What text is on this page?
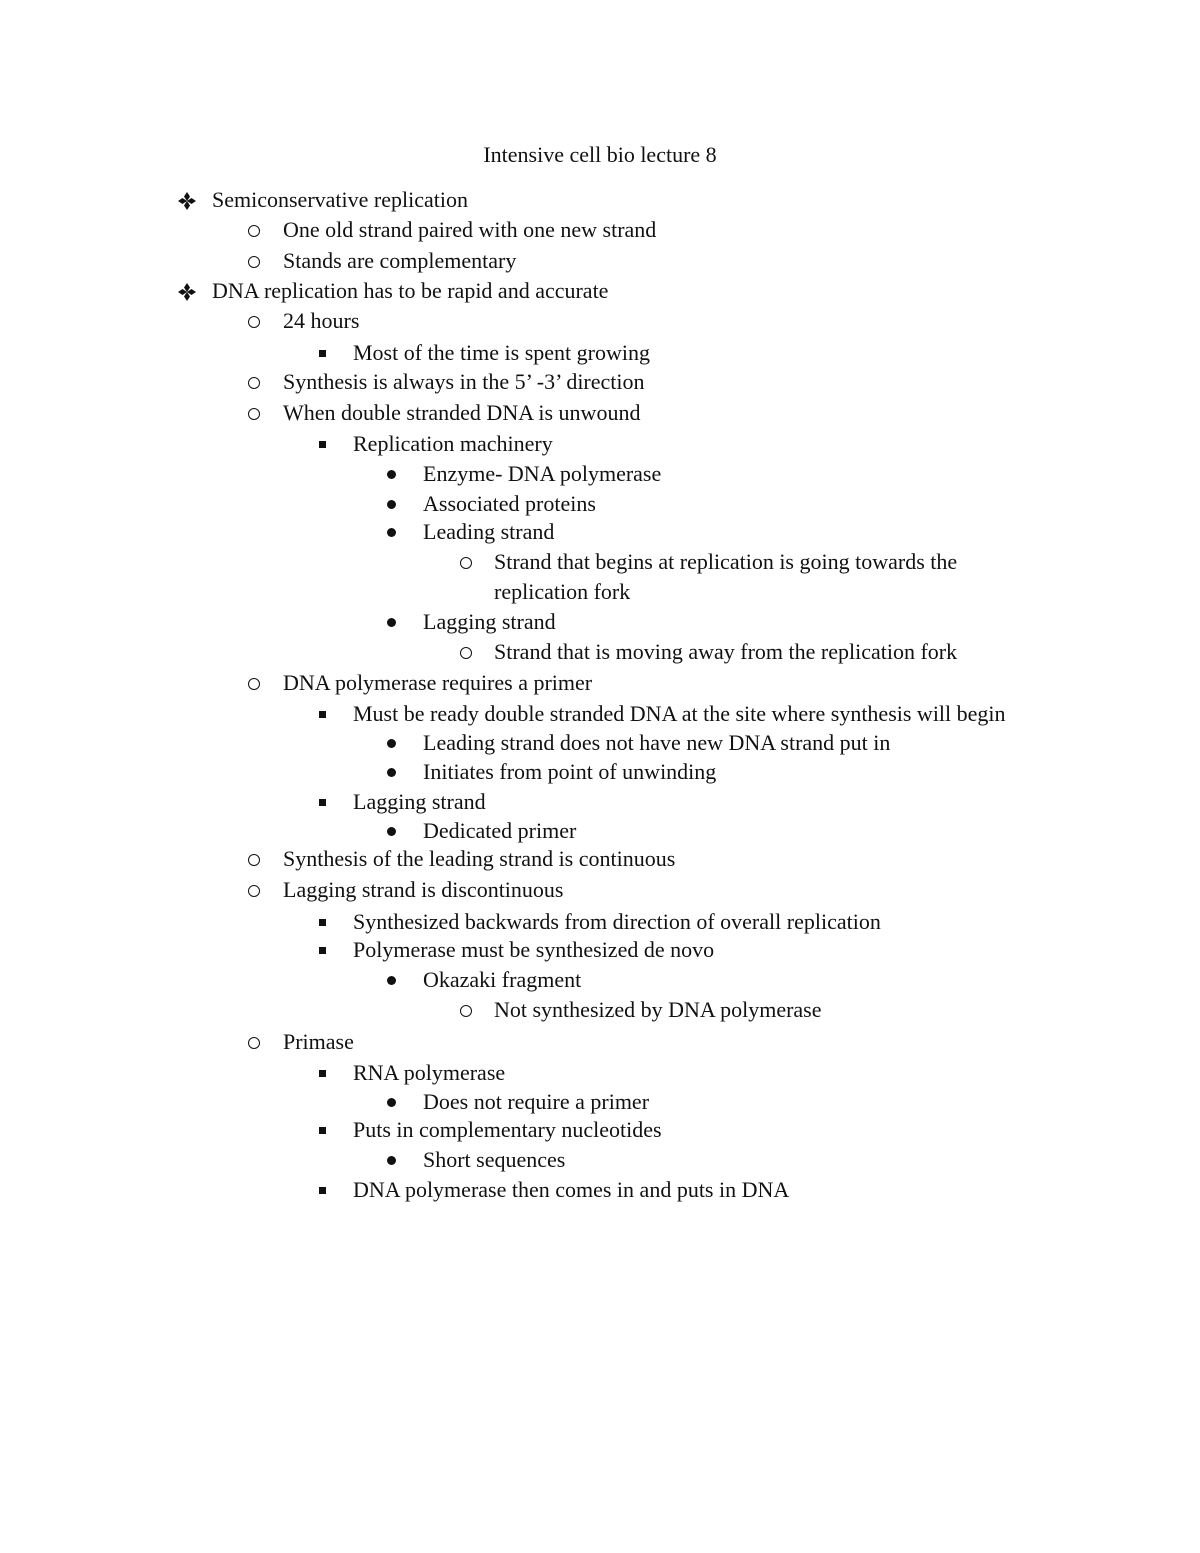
Intensive cell bio lecture 8
Semiconservative replication
One old strand paired with one new strand
Stands are complementary
DNA replication has to be rapid and accurate
24 hours
Most of the time is spent growing
Synthesis is always in the 5’ -3’ direction
When double stranded DNA is unwound
Replication machinery
Enzyme- DNA polymerase
Associated proteins
Leading strand
Strand that begins at replication is going towards the
replication fork
Lagging strand
Strand that is moving away from the replication fork
DNA polymerase requires a primer
Must be ready double stranded DNA at the site where synthesis will begin
Leading strand does not have new DNA strand put in
Initiates from point of unwinding
Lagging strand
Dedicated primer
Synthesis of the leading strand is continuous
Lagging strand is discontinuous
Synthesized backwards from direction of overall replication
Polymerase must be synthesized de novo
Okazaki fragment
Not synthesized by DNA polymerase
Primase
RNA polymerase
Does not require a primer
Puts in complementary nucleotides
Short sequences
DNA polymerase then comes in and puts in DNA
